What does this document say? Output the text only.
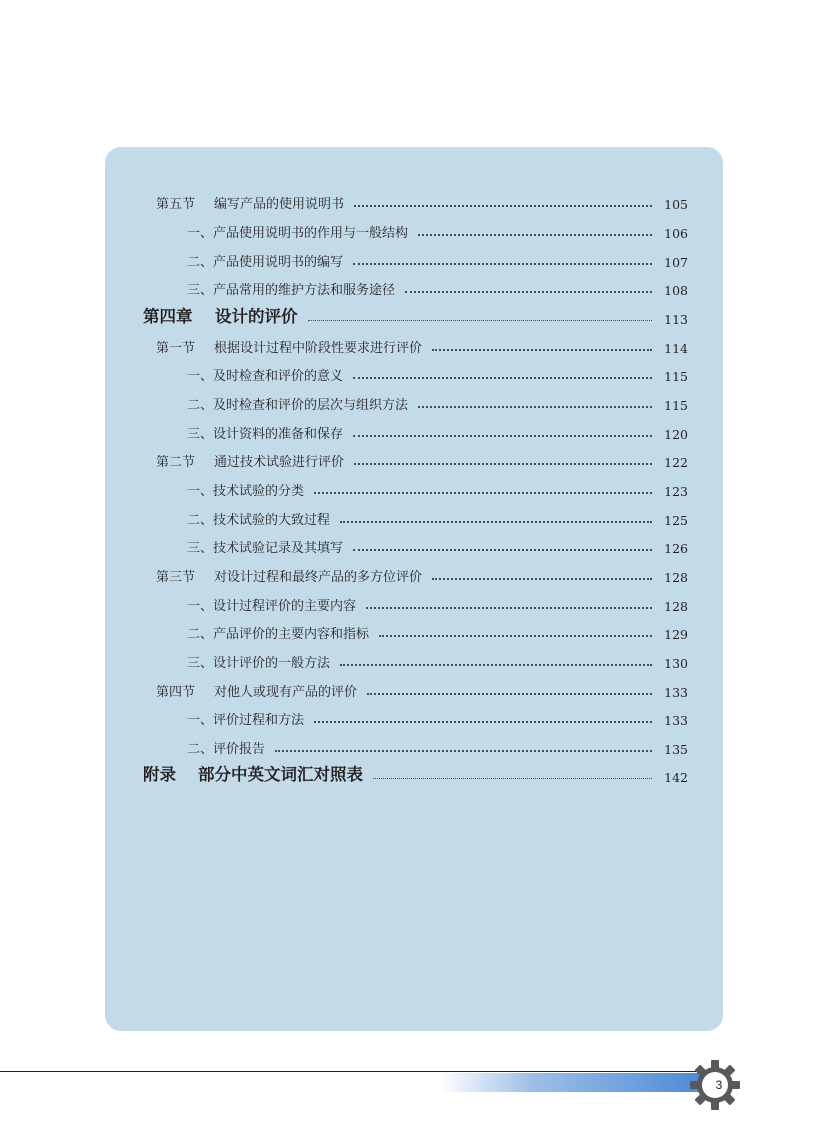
第五节	编写产品的使用说明书	105
一、产品使用说明书的作用与一般结构	106
二、产品使用说明书的编写	107
三、产品常用的维护方法和服务途径	108
第四章	设计的评价	113
第一节	根据设计过程中阶段性要求进行评价	114
一、及时检查和评价的意义	115
二、及时检查和评价的层次与组织方法	115
三、设计资料的准备和保存	120
第二节	通过技术试验进行评价	122
一、技术试验的分类	123
二、技术试验的大致过程	125
三、技术试验记录及其填写	126
第三节	对设计过程和最终产品的多方位评价	128
一、设计过程评价的主要内容	128
二、产品评价的主要内容和指标	129
三、设计评价的一般方法	130
第四节	对他人或现有产品的评价	133
一、评价过程和方法	133
二、评价报告	135
附录	部分中英文词汇对照表	142
3
